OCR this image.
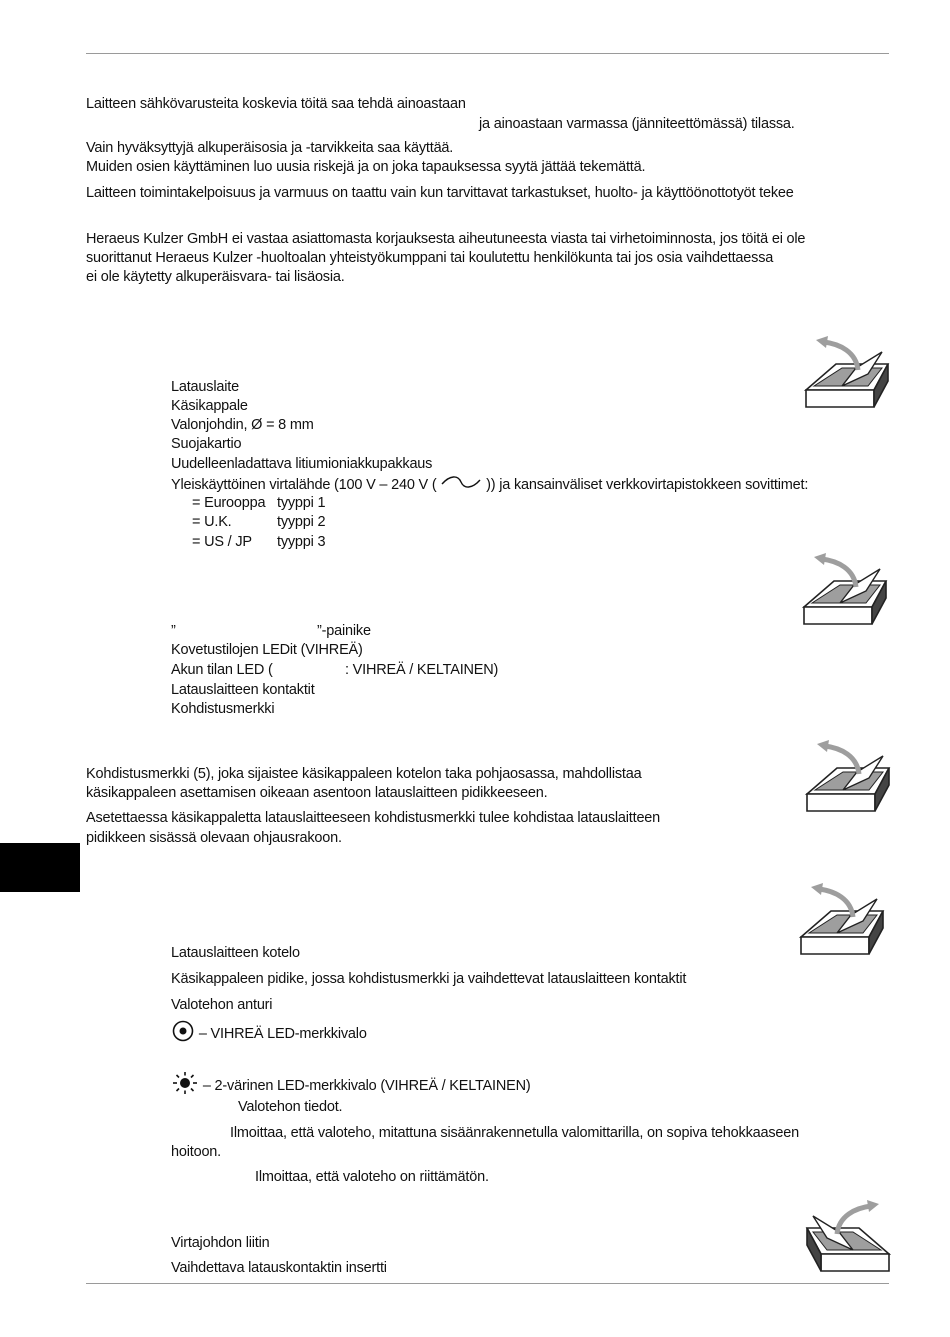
Laitteen sähkövarusteita koskevia töitä saa tehdä ainoastaan
ja ainoastaan varmassa (jänniteettömässä) tilassa.
Vain hyväksyttyjä alkuperäisosia ja -tarvikkeita saa käyttää.
Muiden osien käyttäminen luo uusia riskejä ja on joka tapauksessa syytä jättää tekemättä.
Laitteen toimintakelpoisuus ja varmuus on taattu vain kun tarvittavat tarkastukset, huolto- ja käyttöönottotyöt tekee
Heraeus Kulzer GmbH ei vastaa asiattomasta korjauksesta aiheutuneesta viasta tai virhetoiminnosta, jos töitä ei ole
suorittanut Heraeus Kulzer -huoltoalan yhteistyökumppani tai koulutettu henkilökunta tai jos osia vaihdettaessa
ei ole käytetty alkuperäisvara- tai lisäosia.
Latauslaite
Käsikappale
Valonjohdin, Ø = 8 mm
Suojakartio
Uudelleenladattava litiumioniakkupakkaus
Yleiskäyttöinen virtalähde (100 V – 240 V (	)) ja kansainväliset verkkovirtapistokkeen sovittimet:
= Eurooppa tyyppi 1
= U.K.	tyyppi 2
= US / JP tyyppi 3
”	”-painike
Kovetustilojen LEDit (VIHREÄ)
Akun tilan LED (	: VIHREÄ / KELTAINEN)
Latauslaitteen kontaktit
Kohdistusmerkki
Kohdistusmerkki (5), joka sijaistee käsikappaleen kotelon taka pohjaosassa, mahdollistaa
käsikappaleen asettamisen oikeaan asentoon latauslaitteen pidikkeeseen.
Asetettaessa käsikappaletta latauslaitteeseen kohdistusmerkki tulee kohdistaa latauslaitteen
pidikkeen sisässä olevaan ohjausrakoon.
Latauslaitteen kotelo
Käsikappaleen pidike, jossa kohdistusmerkki ja vaihdettevat latauslaitteen kontaktit
Valotehon anturi
– VIHREÄ LED-merkkivalo
– 2-värinen LED-merkkivalo (VIHREÄ / KELTAINEN)
Valotehon tiedot.
Ilmoittaa, että valoteho, mitattuna sisäänrakennetulla valomittarilla, on sopiva tehokkaaseen
hoitoon.
Ilmoittaa, että valoteho on riittämätön.
Virtajohdon liitin
Vaihdettava latauskontaktin insertti
